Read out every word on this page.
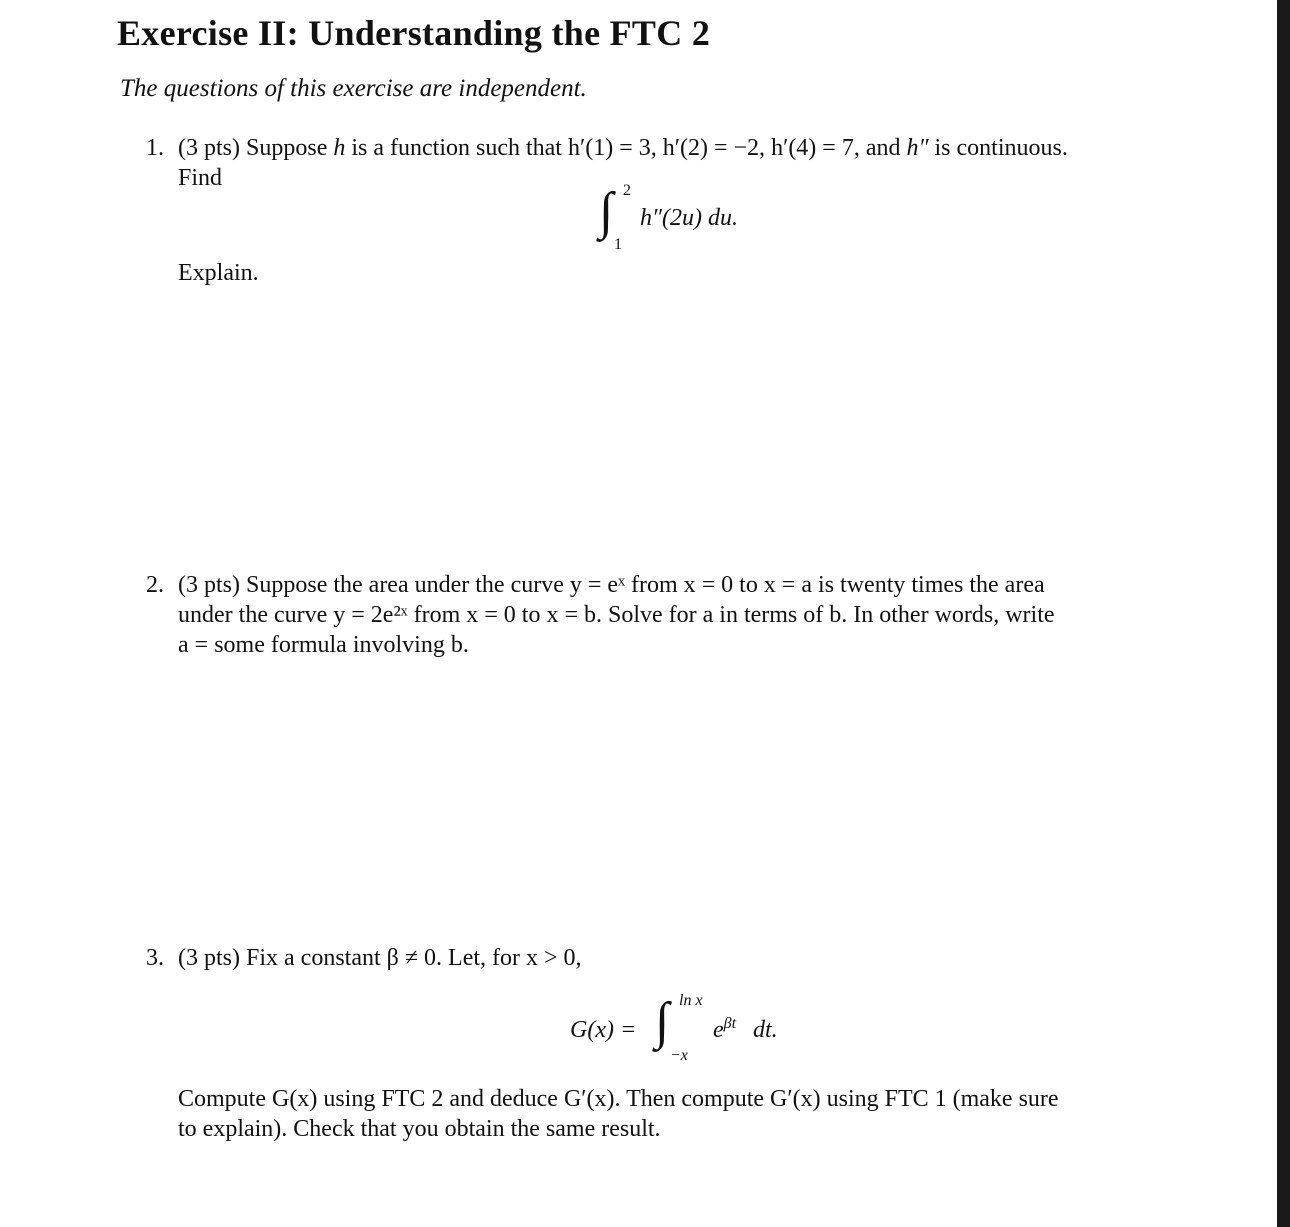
Exercise II: Understanding the FTC 2
The questions of this exercise are independent.
1. (3 pts) Suppose h is a function such that h′(1) = 3, h′(2) = −2, h′(4) = 7, and h″ is continuous.
Find
∫ 2
1
h″(2u) du.
Explain.
2. (3 pts) Suppose the area under the curve y = eˣ from x = 0 to x = a is twenty times the area
under the curve y = 2e²ˣ from x = 0 to x = b. Solve for a in terms of b. In other words, write
a = some formula involving b.
3. (3 pts) Fix a constant β ≠ 0. Let, for x > 0,
G(x) = ∫ ln x
−x
$e^{\beta t}$ dt.
Compute G(x) using FTC 2 and deduce G′(x). Then compute G′(x) using FTC 1 (make sure
to explain). Check that you obtain the same result.
